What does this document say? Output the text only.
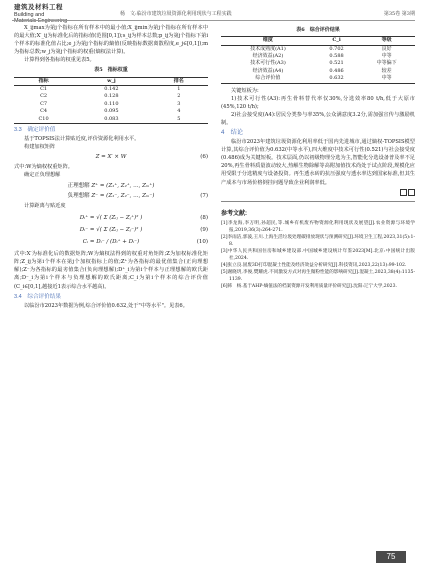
建筑及材料工程
Building and
Materials Engineering
杨　文:临汾市建筑垃圾资源化利用现状与工程实践	第35卷 第3期

X_ijmax为第j个指标在所有样本中的最小值;X_ijmin为第j个指标在所有样本中的最大值;X′_ij为标准化后的指标值(范围[0,1]);s_ij为样本总数;p_ij为第j个指标下第i个样本的标准化值占比;e_j为第j个指标的熵值(反映指标数据离散程度,e_j∈[0,1]);m为指标总数;w_j为第j个指标的权重(熵权法计算)。

计算得到各指标的权重见表5。

表5　指标权重
指标	w_j	排名
C1	0.142	1
C2	0.128	2
C7	0.110	3
C4	0.095	4
C10	0.083	5
3.3　确定评价值

基于TOPSIS法计算贴近度,评价资源化利用水平。

构建加权矩阵

Z = X′ × W	(6)

式中:W为熵权权重矩阵。

确定正负理想解

正理想解 Z⁺ = (Z₁⁺, Z₂⁺, …, Zₘ⁺)
负理想解 Z⁻ = (Z₁⁻, Z₂⁻, …, Zₘ⁻)	(7)

计算距离与贴近度

Dᵢ⁺ = √( Σ (Zᵢⱼ − Zⱼ⁺)² )	(8)
Dᵢ⁻ = √( Σ (Zᵢⱼ − Zⱼ⁻)² )	(9)
Cᵢ = Dᵢ⁻ / (Dᵢ⁺ + Dᵢ⁻)	(10)

式中:X′为标准化后的数据矩阵;W为熵权法得到的权重对角矩阵;Z为加权标准化矩阵;Z_ij为第i个样本在第j个加权指标上的值;Z⁺为各指标的最优值集合(正向理想解);Z⁻为各指标的最劣值集合(负向理想解);D⁺_i为第i个样本与正理想解的欧氏距离;D⁻_i为第i个样本与负理想解的欧氏距离;C_i为第i个样本的综合评价值(C_i∈[0,1],越接近1表示综合水平越高)。

3.4　综合评价结果

以临汾市2023年数据为例,综合评价值0.632,处于"中等水平"。见表6。

表6　综合评价结果
维度	C_i	等级
技术成熟度(A1)	0.702	良好
经济效益(A2)	0.588	中等
技术可行性(A3)	0.521	中等偏下
经济效益(A4)	0.486	较差
综合评价值	0.632	中等

关键短板为:

1)技术可行性(A3):再生骨料替代率仅30%,分选效率80 t/h,低于大原市(45%,120 t/h);

2)社会接受度(A4):居民分类参与率35%,公众满意度3.2分,需加强宣传与激励机制。

4　结论

临汾市2023年建筑垃圾资源化利用率低于国内先进城市,通过熵权-TOPSIS模型计算,其综合评价值为0.632(中等水平),四大维度中技术可行性(0.521)与社会接受度(0.486)成为关键短板。技术层面,仍以初级物理分选为主,智能化分选设备普及率不足20%,再生骨料质量波动较大,热解生物除解等高附加值技术尚处于试点阶段,规模化应用受限于分选精度与设备投资。再生透水砖的抗压强度与透水率达到国家标准,但其生产成本与市场价格倒挂问题导致企业利润率低。

参考文献:

[1]李龙海,李万明,孙超民,等.城乡有机废弃物资源化利用现状及展望[J].农业资源与环境学报,2019,36(3):264-271.

[2]李雨洁,郭波,王川.上海生活垃圾处理碳排放现状与预测研究[J].环境卫生工程,2023,31(5):1-8.

[3]中华人民共和国住房和城乡建设部.中国城乡建设统计年鉴2023[M].北京:中国统计出版社,2024.

[4]张立良.固废3D打印混凝土性能及经济效益分析研究[J].科技资讯,2023,22(13):99-102.

[5]谢晓玥,李俊,樊耀虎.不同激发方式对再生微粉性能的影响研究[J].混凝土,2023,38(4):1135-1139.

[6]韩　杨.基于AHP-熵值法的档案资源开发利用质量评价研究[J].沈阳:辽宁大学,2023.

75
